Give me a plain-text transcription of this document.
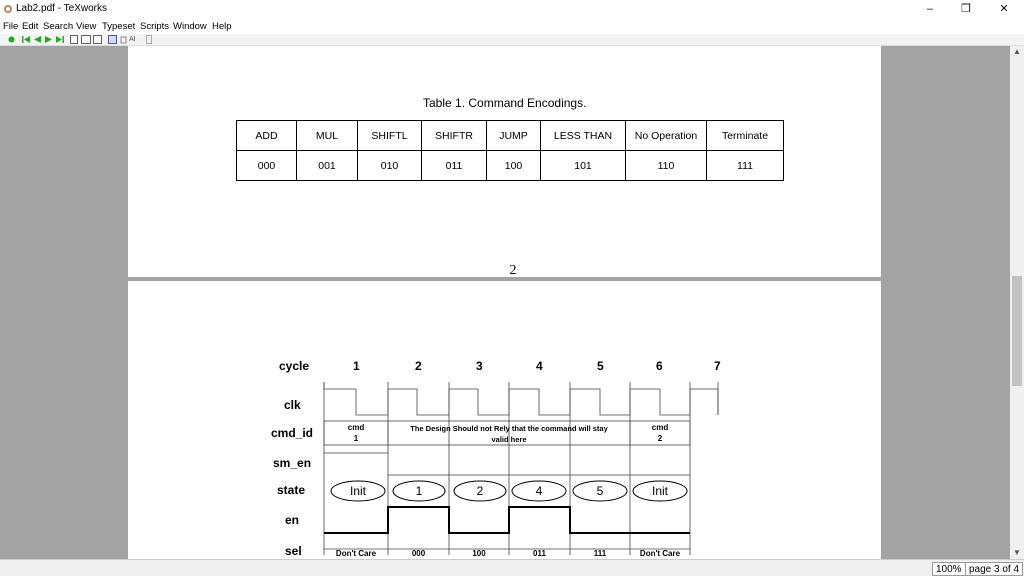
Lab2.pdf - TeXworks	–	❐	✕
File Edit Search View Typeset Scripts Window Help
AI
Table 1. Command Encodings.
ADD	MUL	SHIFTL	SHIFTR	JUMP	LESS THAN	No Operation	Terminate
000	001	010	011	100	101	110	111
2
cycle
clk
cmd_id
sm_en
state
en
sel
1	2	3	4	5	6	7
cmd
1
The Design Should not Rely that the command will stay
valid here
cmd
2
Init	1	2	4	5	Init
Don't Care	000	100	011	111	Don't Care
▲
▼
100% page 3 of 4
